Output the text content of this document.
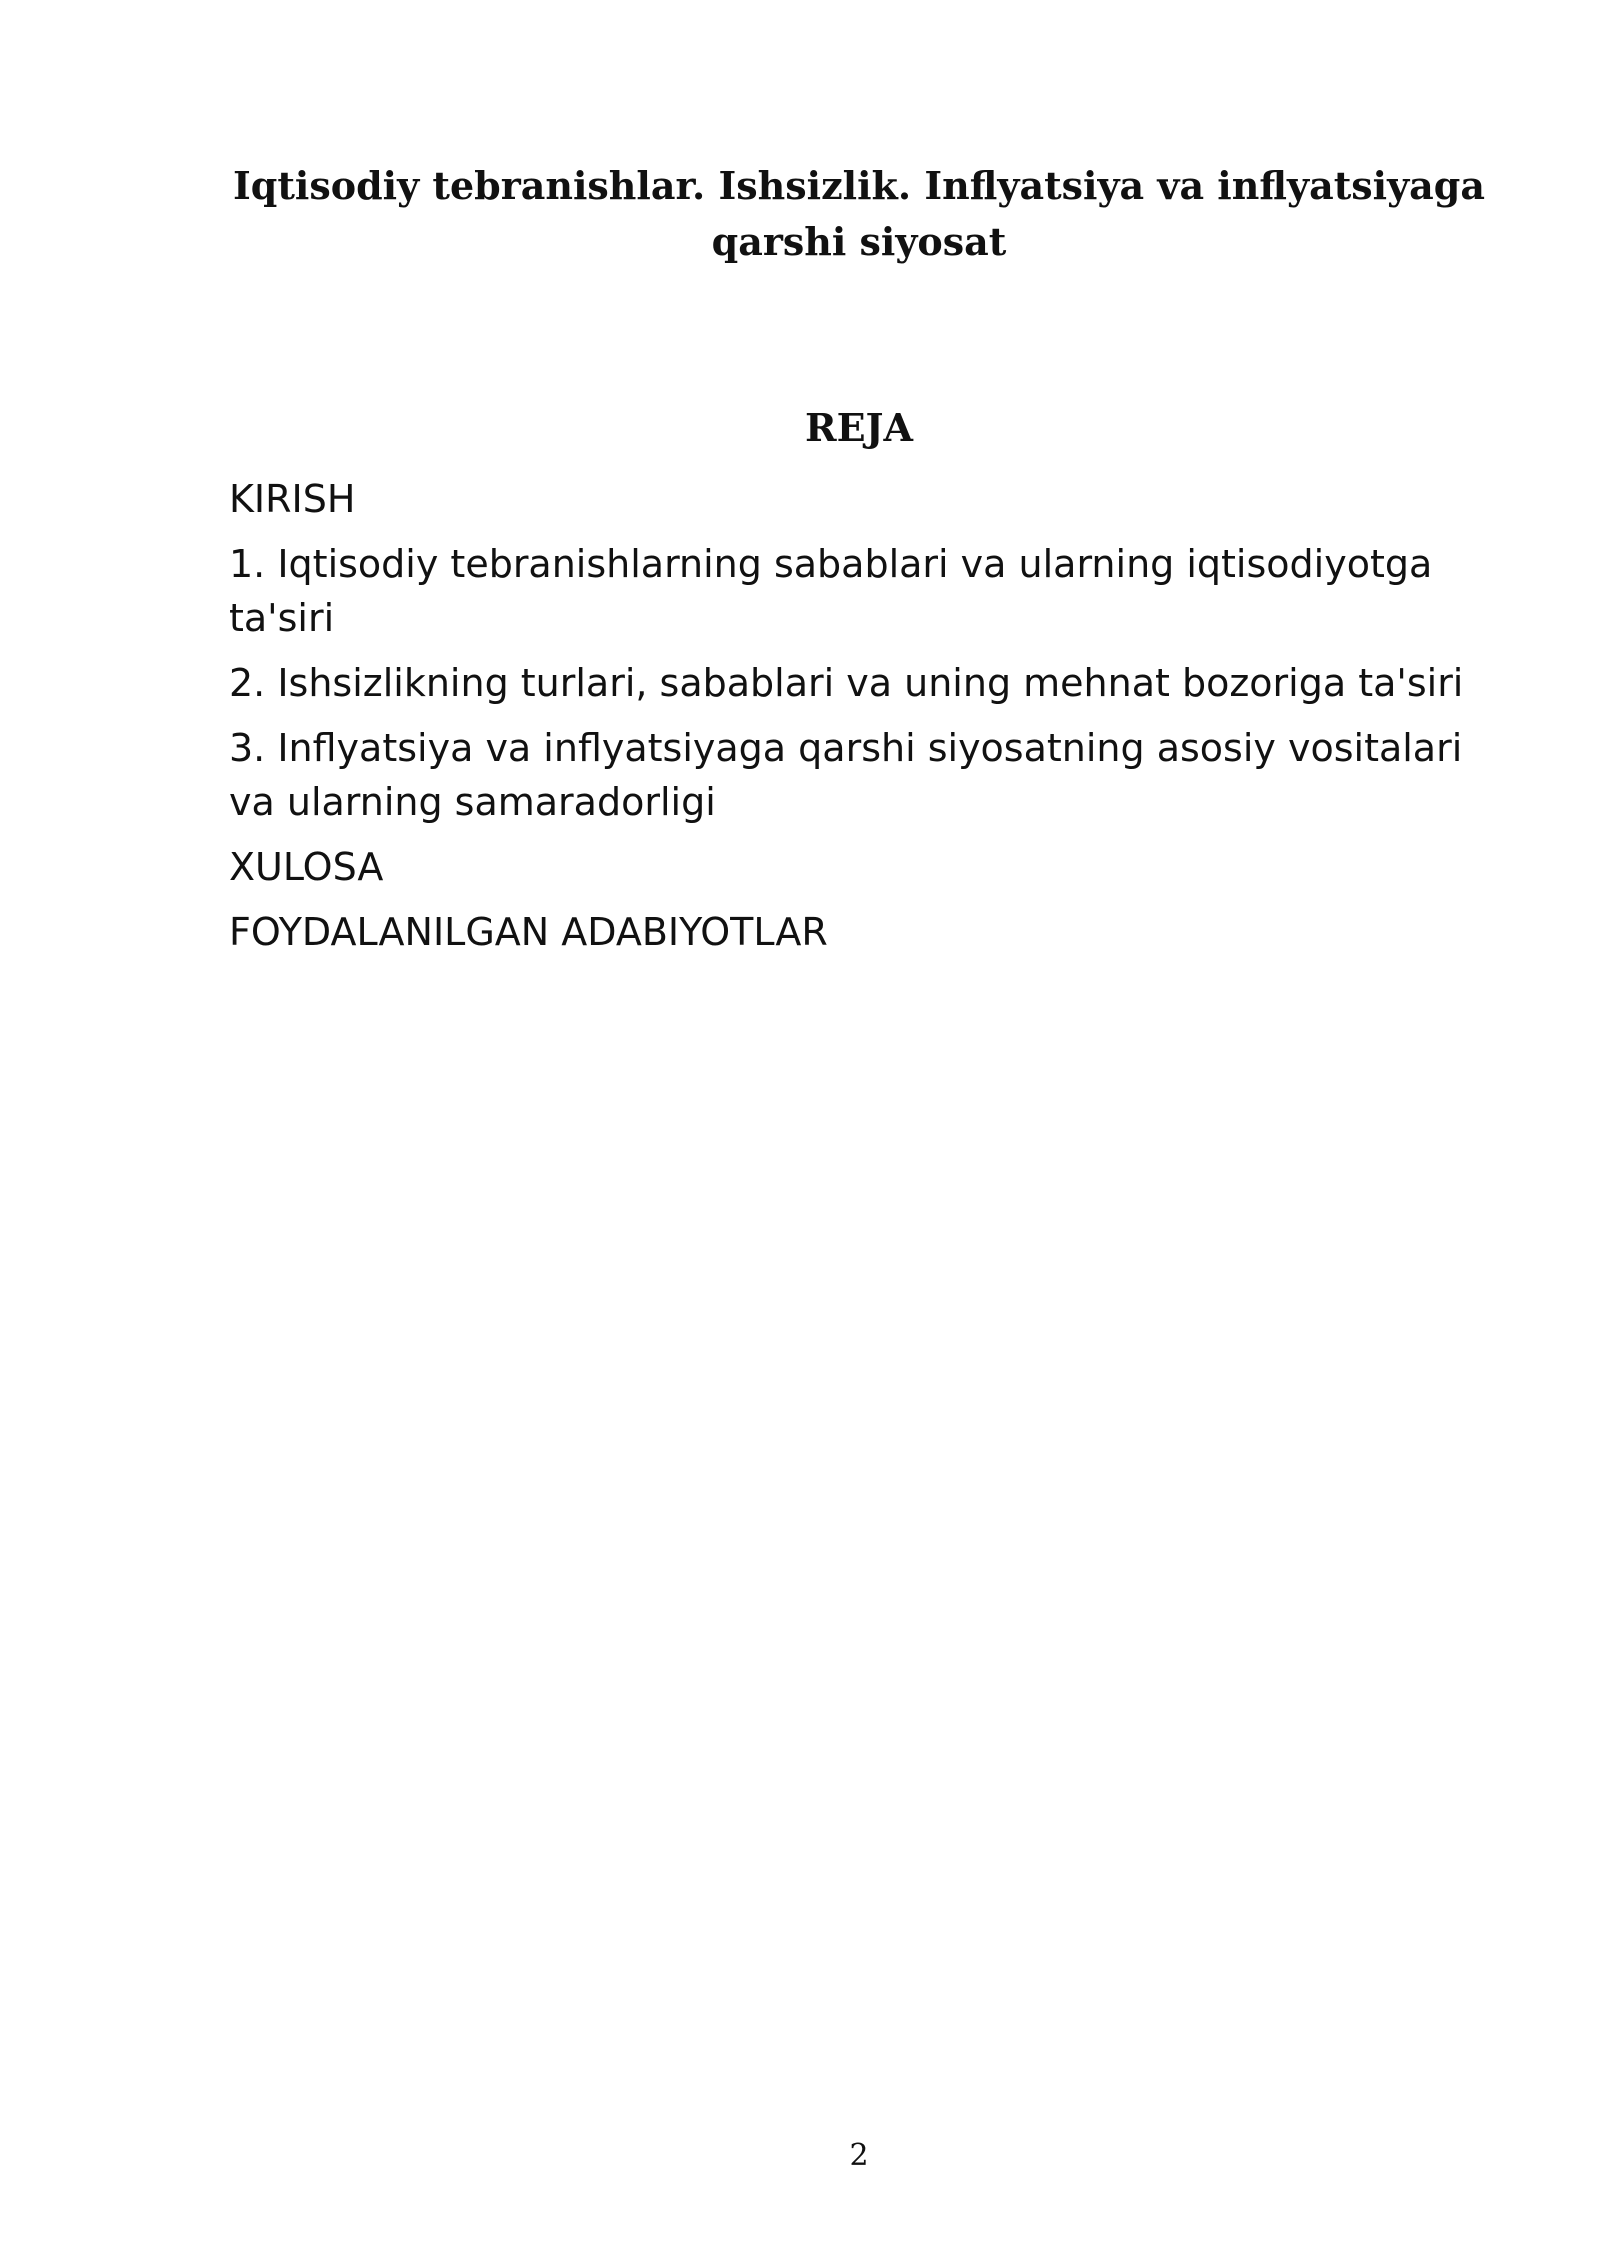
Iqtisodiy tebranishlar. Ishsizlik. Inflyatsiya va inflyatsiyaga
qarshi siyosat
REJA
KIRISH
1. Iqtisodiy tebranishlarning sabablari va ularning iqtisodiyotga ta'siri
2. Ishsizlikning turlari, sabablari va uning mehnat bozoriga ta'siri
3. Inflyatsiya va inflyatsiyaga qarshi siyosatning asosiy vositalari va ularning samaradorligi
XULOSA
FOYDALANILGAN ADABIYOTLAR
2
